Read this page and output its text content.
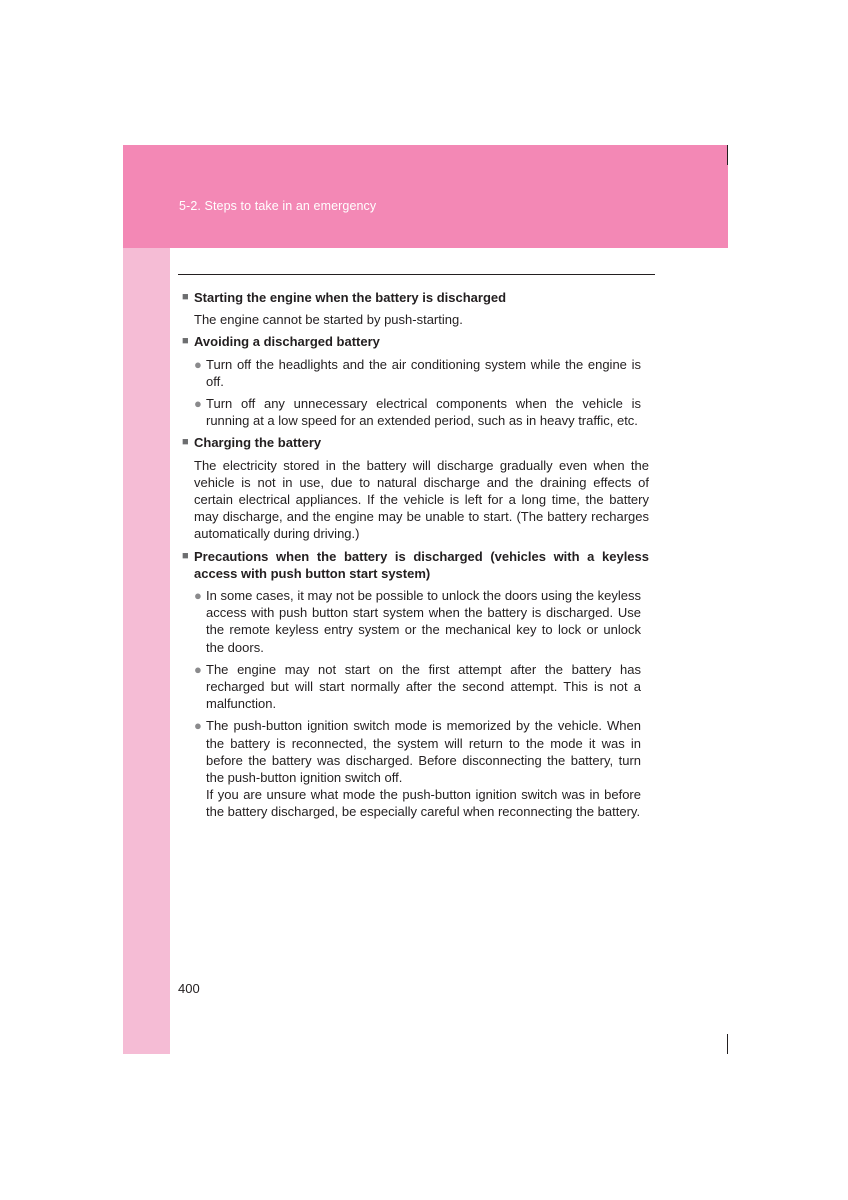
5-2. Steps to take in an emergency
■ Starting the engine when the battery is discharged

The engine cannot be started by push-starting.

■ Avoiding a discharged battery
● Turn off the headlights and the air conditioning system while the engine is off.

● Turn off any unnecessary electrical components when the vehicle is running at a low speed for an extended period, such as in heavy traffic, etc.

■ Charging the battery

The electricity stored in the battery will discharge gradually even when the vehicle is not in use, due to natural discharge and the draining effects of certain electrical appliances. If the vehicle is left for a long time, the battery may discharge, and the engine may be unable to start. (The battery recharges automatically during driving.)

■ Precautions when the battery is discharged (vehicles with a keyless access with push button start system)
● In some cases, it may not be possible to unlock the doors using the keyless access with push button start system when the battery is discharged. Use the remote keyless entry system or the mechanical key to lock or unlock the doors.

● The engine may not start on the first attempt after the battery has recharged but will start normally after the second attempt. This is not a malfunction.

● The push-button ignition switch mode is memorized by the vehicle. When the battery is reconnected, the system will return to the mode it was in before the battery was discharged. Before disconnecting the battery, turn the push-button ignition switch off.

If you are unsure what mode the push-button ignition switch was in before the battery discharged, be especially careful when reconnecting the battery.

400
